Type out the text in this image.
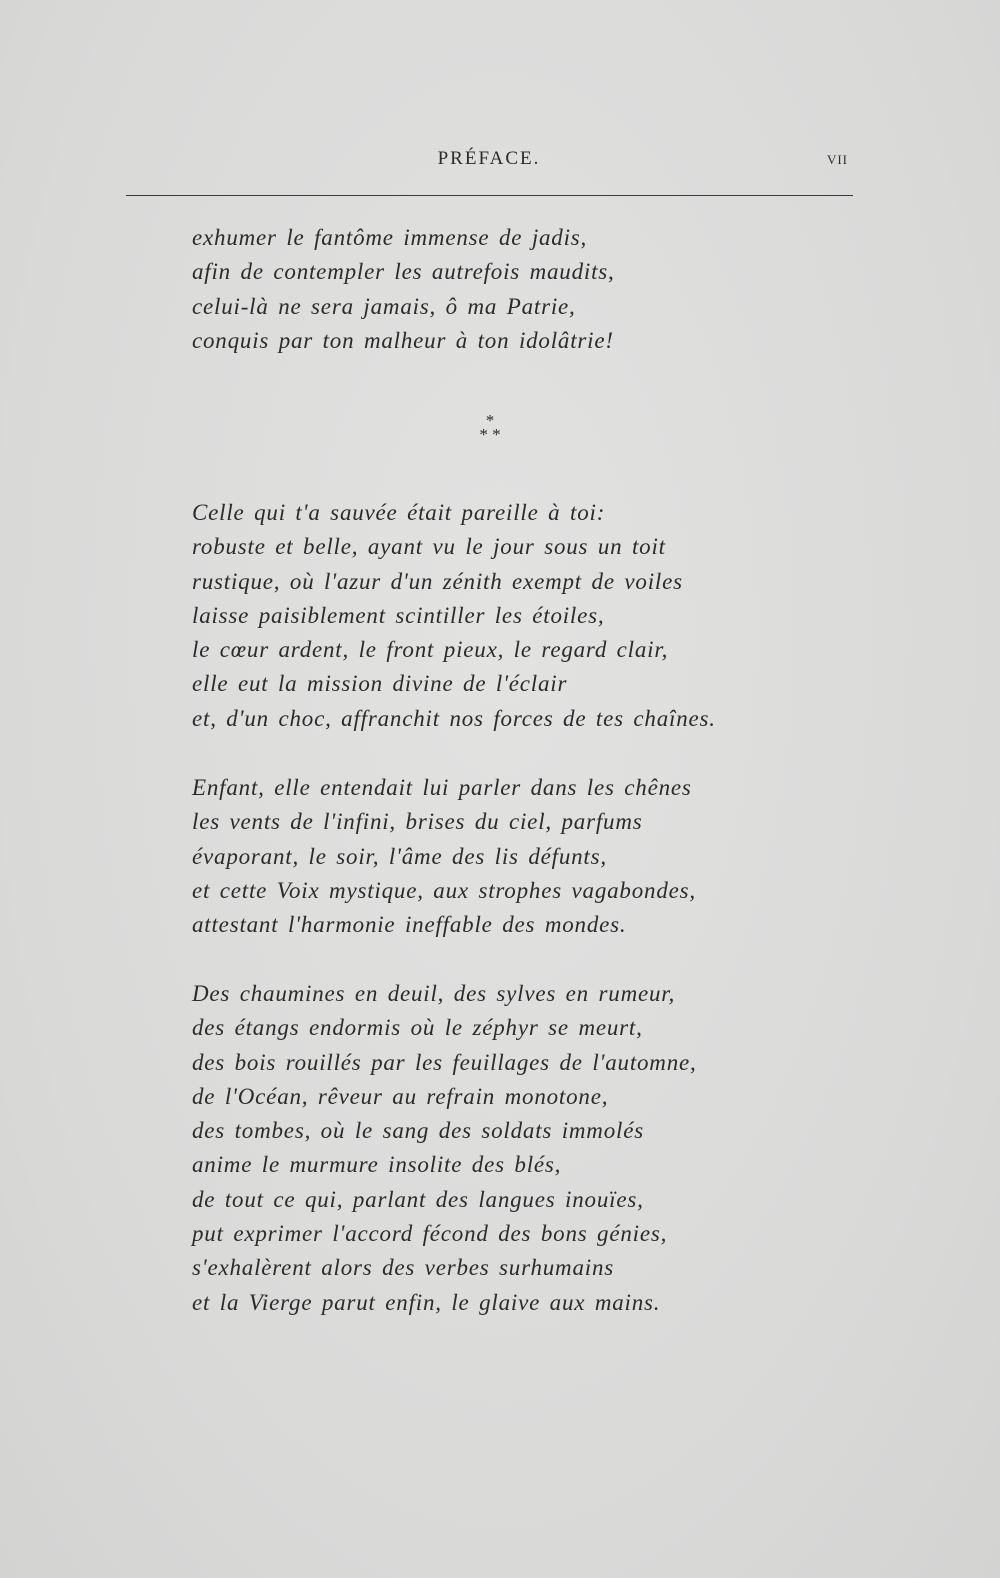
PRÉFACE.	VII
exhumer le fantôme immense de jadis,
afin de contempler les autrefois maudits,
celui-là ne sera jamais, ô ma Patrie,
conquis par ton malheur à ton idolâtrie!
*
* *
Celle qui t'a sauvée était pareille à toi:
robuste et belle, ayant vu le jour sous un toit
rustique, où l'azur d'un zénith exempt de voiles
laisse paisiblement scintiller les étoiles,
le cœur ardent, le front pieux, le regard clair,
elle eut la mission divine de l'éclair
et, d'un choc, affranchit nos forces de tes chaînes.
Enfant, elle entendait lui parler dans les chênes
les vents de l'infini, brises du ciel, parfums
évaporant, le soir, l'âme des lis défunts,
et cette Voix mystique, aux strophes vagabondes,
attestant l'harmonie ineffable des mondes.
Des chaumines en deuil, des sylves en rumeur,
des étangs endormis où le zéphyr se meurt,
des bois rouillés par les feuillages de l'automne,
de l'Océan, rêveur au refrain monotone,
des tombes, où le sang des soldats immolés
anime le murmure insolite des blés,
de tout ce qui, parlant des langues inouïes,
put exprimer l'accord fécond des bons génies,
s'exhalèrent alors des verbes surhumains
et la Vierge parut enfin, le glaive aux mains.
